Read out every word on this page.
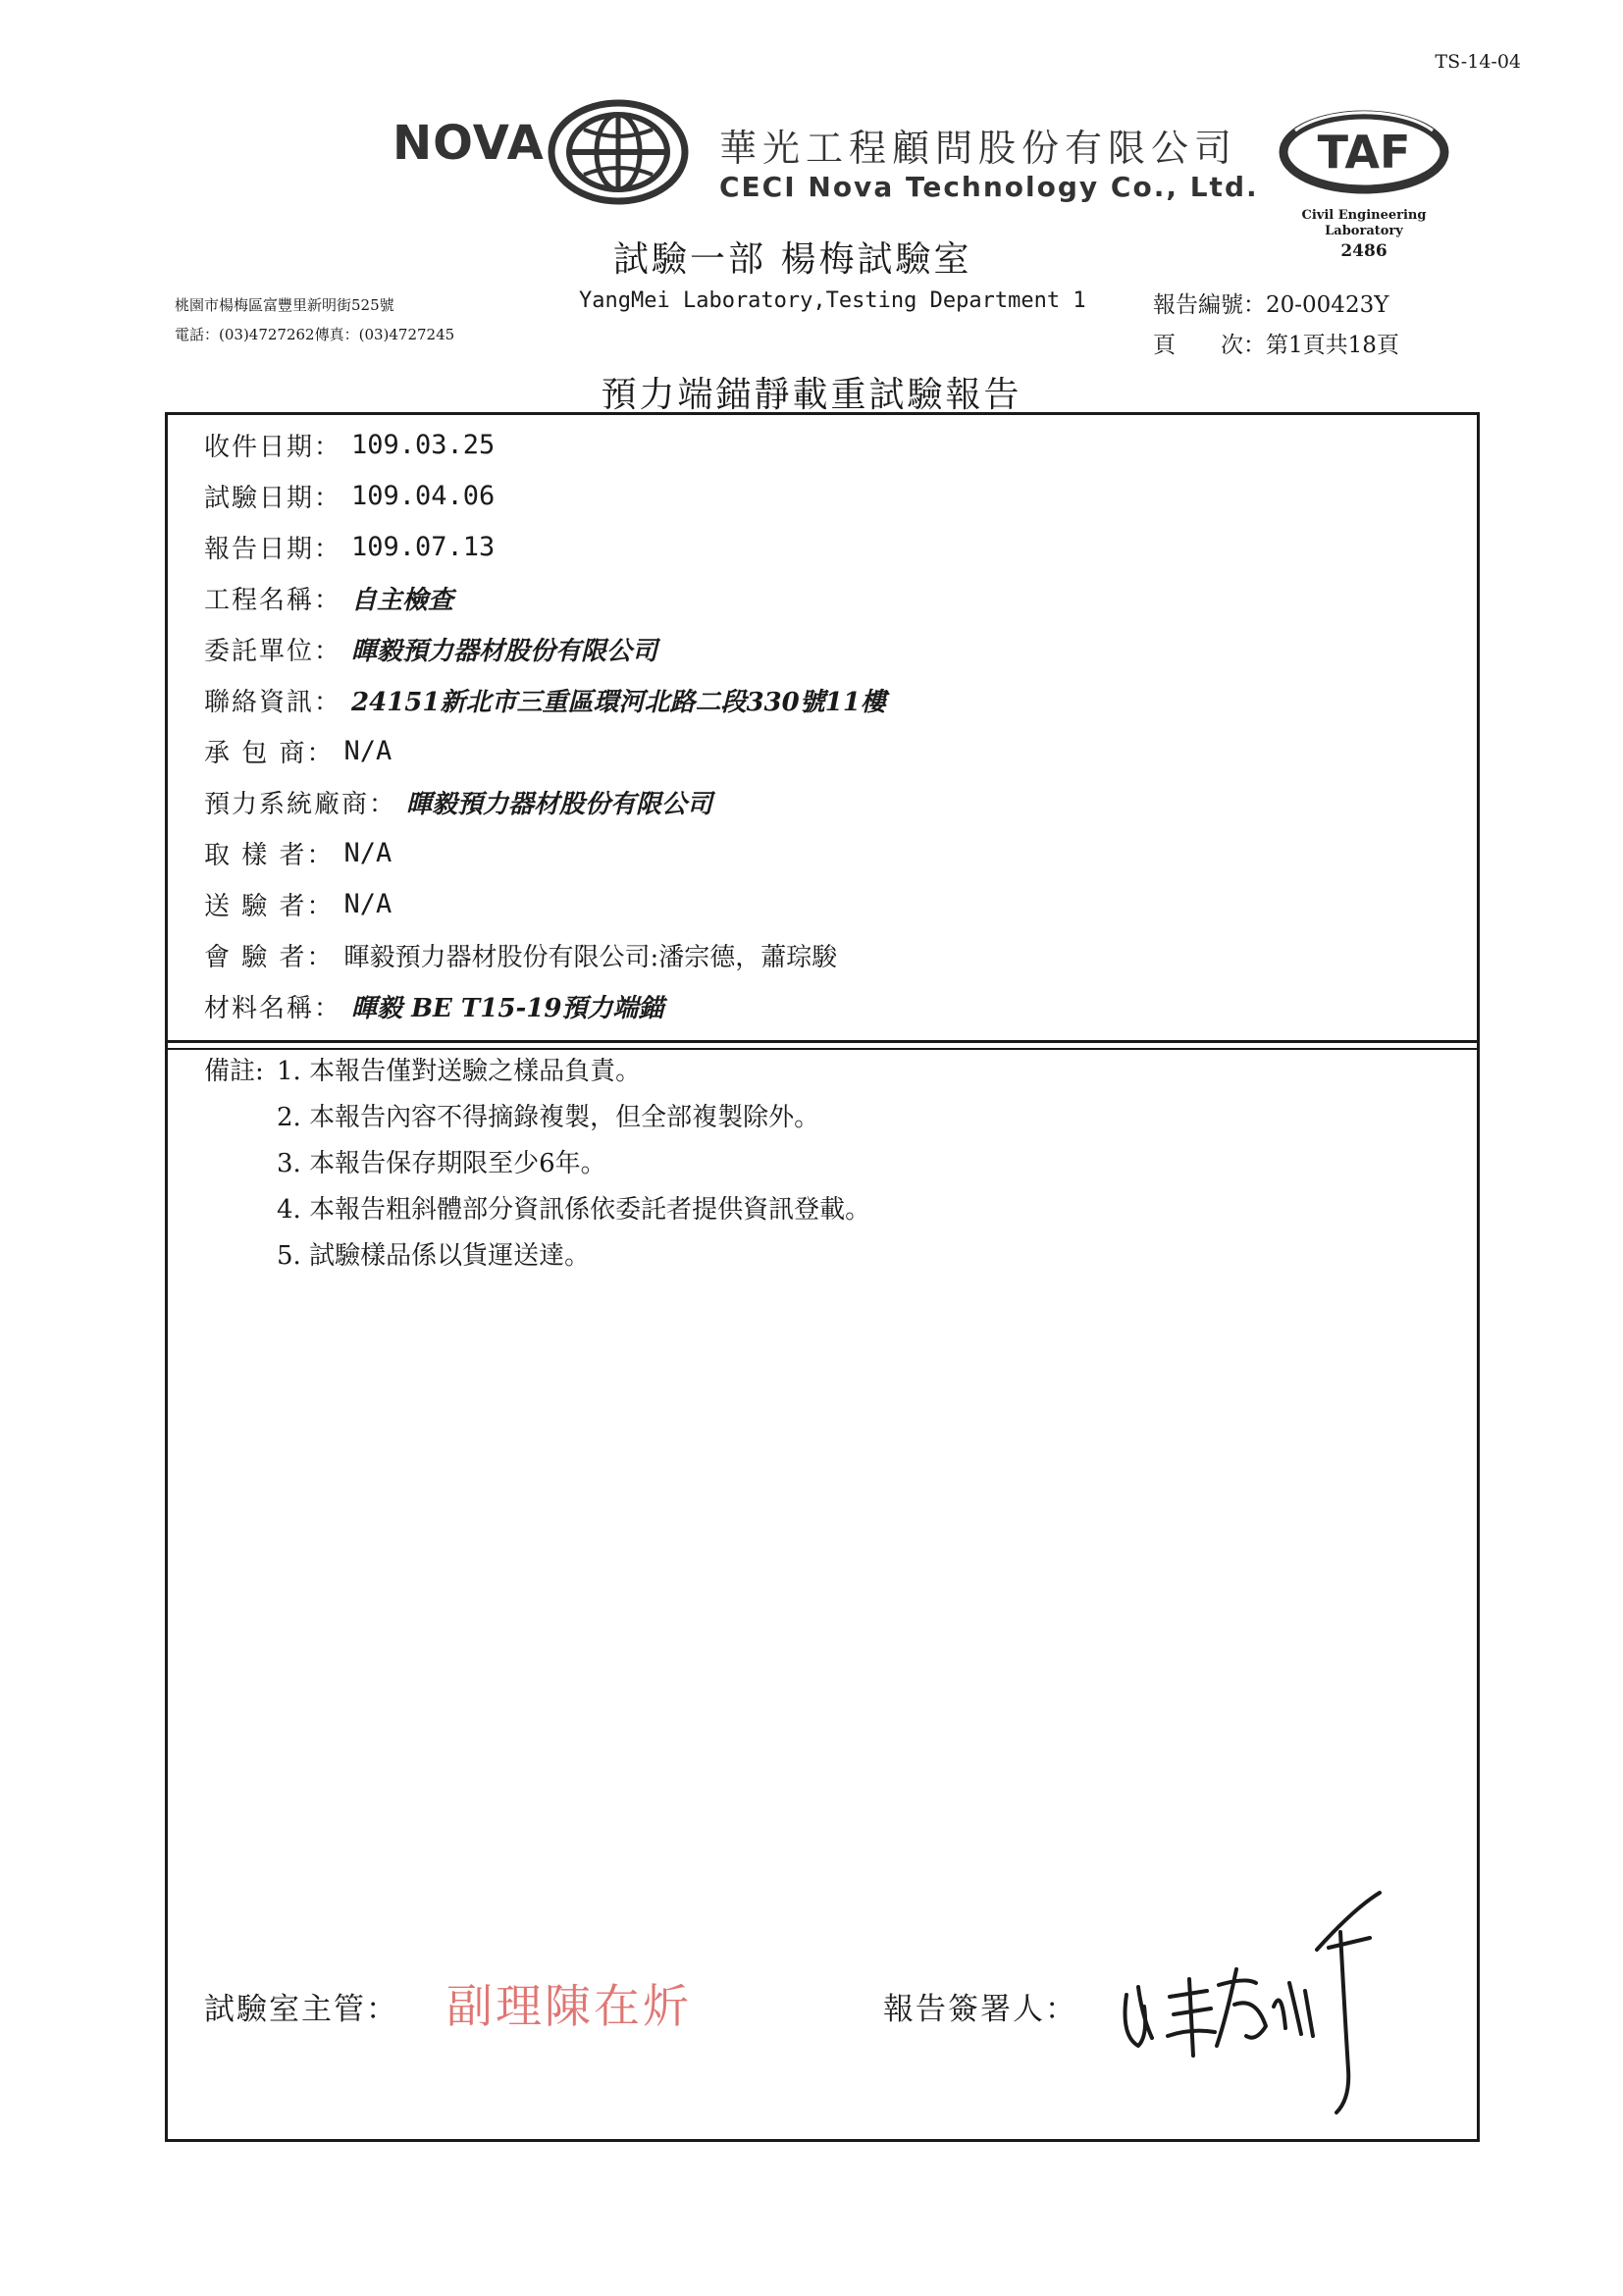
TS-14-04
NOVA	華光工程顧問股份有限公司
CECI Nova Technology Co., Ltd.
TAF
Civil Engineering
Laboratory
2486
試驗一部 楊梅試驗室
桃園市楊梅區富豐里新明街525號
電話：(03)4727262傳真：(03)4727245
YangMei Laboratory,Testing Department 1	報告編號：20-00423Y
頁　　次：第1頁共18頁
預力端錨靜載重試驗報告
收件日期： 109.03.25
試驗日期： 109.04.06
報告日期： 109.07.13
工程名稱： 自主檢查
委託單位： 暉毅預力器材股份有限公司
聯絡資訊： 24151新北市三重區環河北路二段330號11樓
承 包 商： N/A
預力系統廠商： 暉毅預力器材股份有限公司
取 樣 者： N/A
送 驗 者： N/A
會 驗 者： 暉毅預力器材股份有限公司:潘宗德，蕭琮駿
材料名稱： 暉毅 BE T15-19預力端錨
備註: 1. 本報告僅對送驗之樣品負責。
2. 本報告內容不得摘錄複製，但全部複製除外。
3. 本報告保存期限至少6年。
4. 本報告粗斜體部分資訊係依委託者提供資訊登載。
5. 試驗樣品係以貨運送達。
試驗室主管： 副理陳在炘	報告簽署人：
